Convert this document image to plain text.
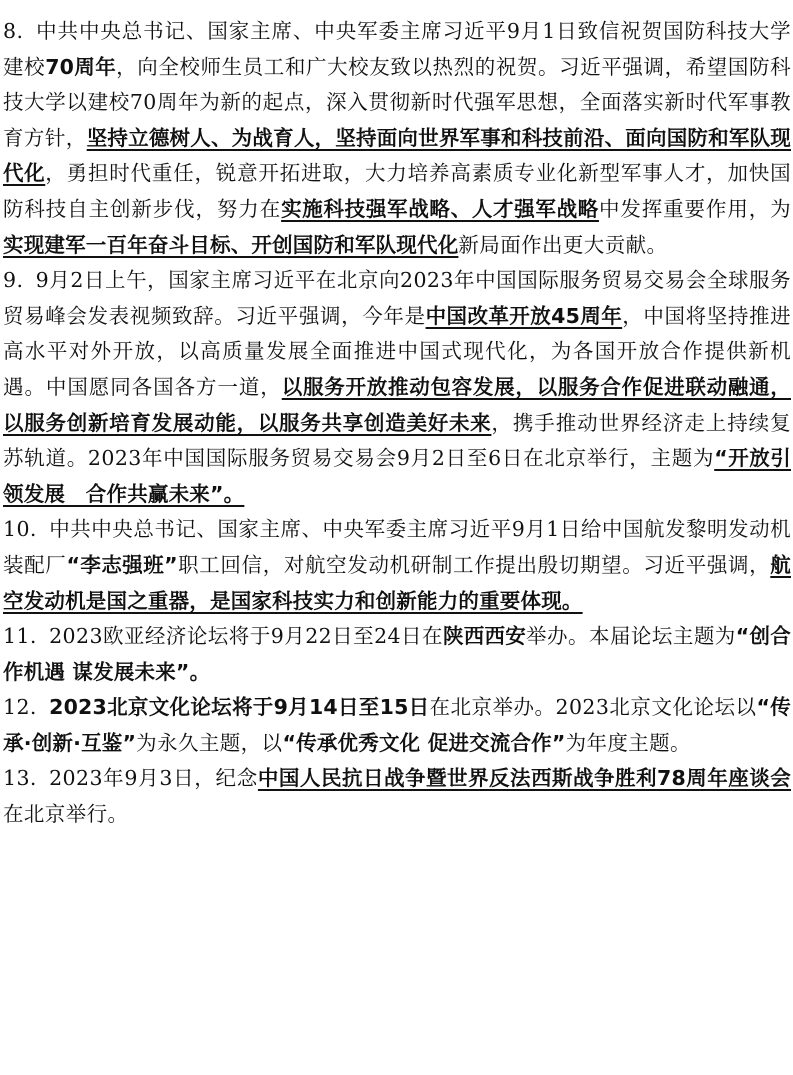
8. 中共中央总书记、国家主席、中央军委主席习近平9月1日致信祝贺国防科技大学建校70周年，向全校师生员工和广大校友致以热烈的祝贺。习近平强调，希望国防科技大学以建校70周年为新的起点，深入贯彻新时代强军思想，全面落实新时代军事教育方针，坚持立德树人、为战育人，坚持面向世界军事和科技前沿、面向国防和军队现代化，勇担时代重任，锐意开拓进取，大力培养高素质专业化新型军事人才，加快国防科技自主创新步伐，努力在实施科技强军战略、人才强军战略中发挥重要作用，为实现建军一百年奋斗目标、开创国防和军队现代化新局面作出更大贡献。

9. 9月2日上午，国家主席习近平在北京向2023年中国国际服务贸易交易会全球服务贸易峰会发表视频致辞。习近平强调，今年是中国改革开放45周年，中国将坚持推进高水平对外开放，以高质量发展全面推进中国式现代化，为各国开放合作提供新机遇。中国愿同各国各方一道，以服务开放推动包容发展，以服务合作促进联动融通，以服务创新培育发展动能，以服务共享创造美好未来，携手推动世界经济走上持续复苏轨道。2023年中国国际服务贸易交易会9月2日至6日在北京举行，主题为“开放引领发展　合作共赢未来”。

10. 中共中央总书记、国家主席、中央军委主席习近平9月1日给中国航发黎明发动机装配厂“李志强班”职工回信，对航空发动机研制工作提出殷切期望。习近平强调，航空发动机是国之重器，是国家科技实力和创新能力的重要体现。

11. 2023欧亚经济论坛将于9月22日至24日在陕西西安举办。本届论坛主题为“创合作机遇 谋发展未来”。

12. 2023北京文化论坛将于9月14日至15日在北京举办。2023北京文化论坛以“传承·创新·互鉴”为永久主题，以“传承优秀文化 促进交流合作”为年度主题。

13. 2023年9月3日，纪念中国人民抗日战争暨世界反法西斯战争胜利78周年座谈会在北京举行。
